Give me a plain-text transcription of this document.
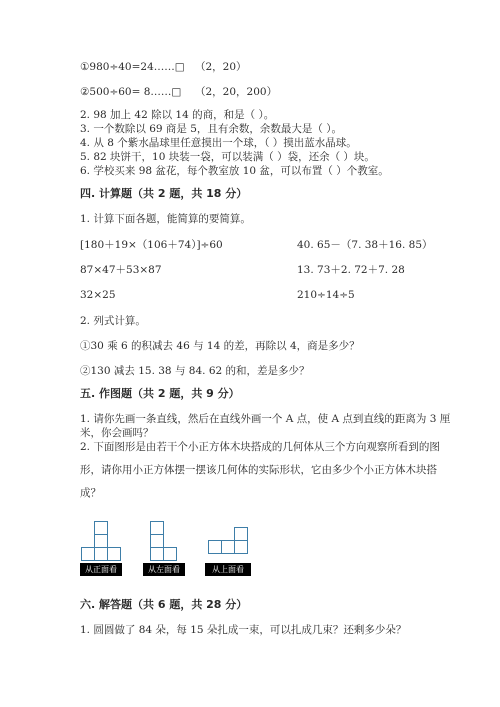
①980÷40=24……□ （2，20）
②500÷60= 8……□ （2，20，200）
2. 98 加上 42 除以 14 的商，和是（ ）。
3. 一个数除以 69 商是 5，且有余数，余数最大是（ ）。
4. 从 8 个紫水晶球里任意摸出一个球，（ ）摸出蓝水晶球。
5. 82 块饼干，10 块装一袋，可以装满（ ）袋，还余（ ）块。
6. 学校买来 98 盆花，每个教室放 10 盆，可以布置（ ）个教室。
四. 计算题（共 2 题，共 18 分）
1. 计算下面各题，能简算的要简算。
[180＋19×（106＋74）]÷60	40. 65－（7. 38＋16. 85）
87×47＋53×87	13. 73＋2. 72＋7. 28
32×25	210÷14÷5
2. 列式计算。
①30 乘 6 的积减去 46 与 14 的差，再除以 4，商是多少？
②130 减去 15. 38 与 84. 62 的和，差是多少？
五. 作图题（共 2 题，共 9 分）
1. 请你先画一条直线，然后在直线外画一个 A 点，使 A 点到直线的距离为 3 厘
米，你会画吗？
2. 下面图形是由若干个小正方体木块搭成的几何体从三个方向观察所看到的图
形，请你用小正方体摆一摆该几何体的实际形状，它由多少个小正方体木块搭
成？
从正面看	从左面看	从上面看
六. 解答题（共 6 题，共 28 分）
1. 圆圆做了 84 朵，每 15 朵扎成一束，可以扎成几束？还剩多少朵？
